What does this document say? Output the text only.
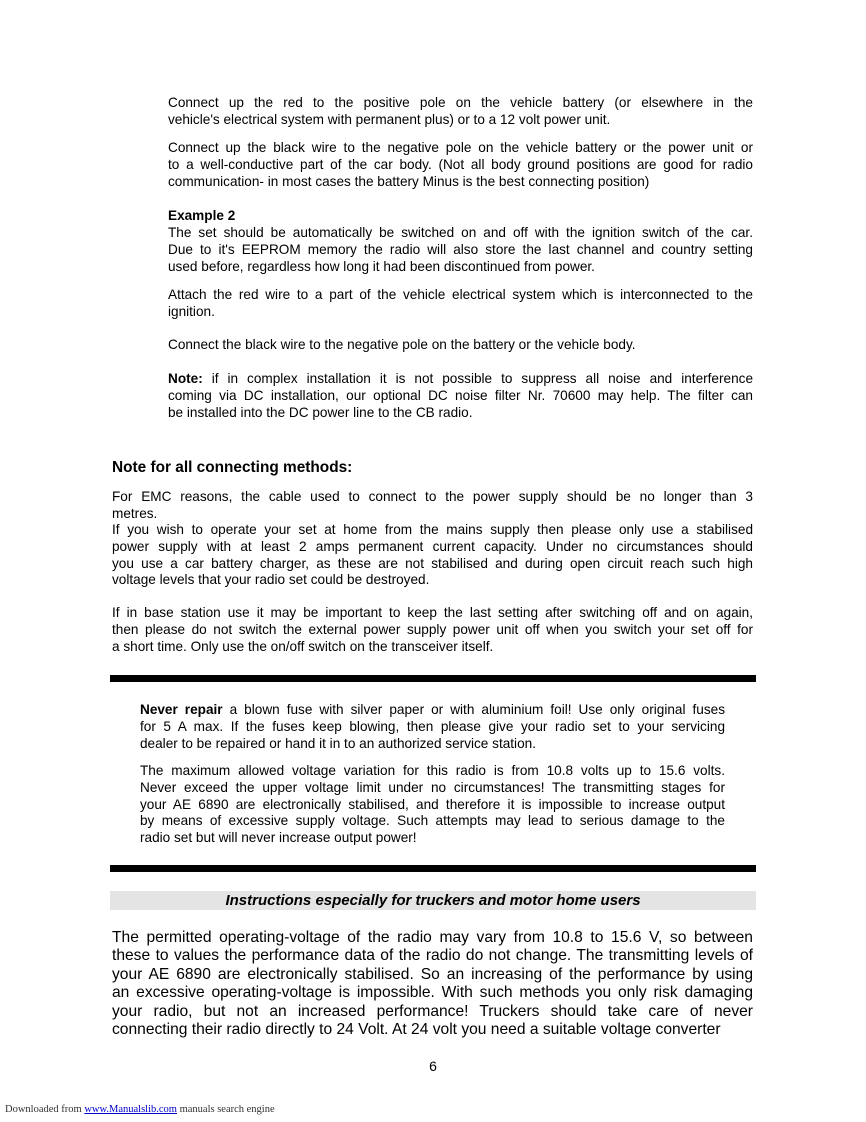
Connect up the red to the positive pole on the vehicle battery (or elsewhere in the
vehicle's electrical system with permanent plus) or to a 12 volt power unit.
Connect up the black wire to the negative pole on the vehicle battery or the power unit or
to a well-conductive part of the car body. (Not all body ground positions are good for radio
communication- in most cases the battery Minus is the best connecting position)
Example 2
The set should be automatically be switched on and off with the ignition switch of the car.
Due to it's EEPROM memory the radio will also store the last channel and country setting
used before, regardless how long it had been discontinued from power.
Attach the red wire to a part of the vehicle electrical system which is interconnected to the
ignition.
Connect the black wire to the negative pole on the battery or the vehicle body.
Note: if in complex installation it is not possible to suppress all noise and interference
coming via DC installation, our optional DC noise filter Nr. 70600 may help. The filter can
be installed into the DC power line to the CB radio.
Note for all connecting methods:
For EMC reasons, the cable used to connect to the power supply should be no longer than 3
metres.
If you wish to operate your set at home from the mains supply then please only use a stabilised
power supply with at least 2 amps permanent current capacity. Under no circumstances should
you use a car battery charger, as these are not stabilised and during open circuit reach such high
voltage levels that your radio set could be destroyed.
If in base station use it may be important to keep the last setting after switching off and on again,
then please do not switch the external power supply power unit off when you switch your set off for
a short time. Only use the on/off switch on the transceiver itself.
Never repair a blown fuse with silver paper or with aluminium foil! Use only original fuses
for 5 A max. If the fuses keep blowing, then please give your radio set to your servicing
dealer to be repaired or hand it in to an authorized service station.
The maximum allowed voltage variation for this radio is from 10.8 volts up to 15.6 volts.
Never exceed the upper voltage limit under no circumstances! The transmitting stages for
your AE 6890 are electronically stabilised, and therefore it is impossible to increase output
by means of excessive supply voltage. Such attempts may lead to serious damage to the
radio set but will never increase output power!
Instructions especially for truckers and motor home users
The permitted operating-voltage of the radio may vary from 10.8 to 15.6 V, so between
these to values the performance data of the radio do not change. The transmitting levels of
your AE 6890 are electronically stabilised. So an increasing of the performance by using
an excessive operating-voltage is impossible. With such methods you only risk damaging
your radio, but not an increased performance! Truckers should take care of never
connecting their radio directly to 24 Volt. At 24 volt you need a suitable voltage converter
6
Downloaded from www.Manualslib.com manuals search engine
